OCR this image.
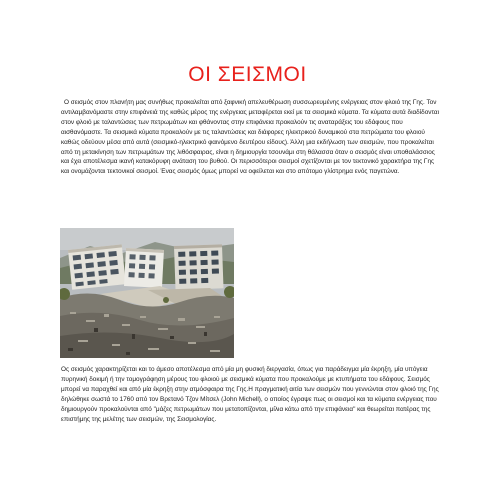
ΟΙ ΣΕΙΣΜΟΙ

Ο σεισμός στον πλανήτη μας συνήθως προκαλείται από ξαφνική απελευθέρωση συσσωρευμένης ενέργειας στον φλοιό της Γης. Τον αντιλαμβανόμαστε στην επιφάνειά της καθώς μέρος της ενέργειας μεταφέρεται εκεί με τα σεισμικά κύματα. Τα κύματα αυτά διαδίδονται στον φλοιό με ταλαντώσεις των πετρωμάτων και φθάνοντας στην επιφάνεια προκαλούν τις αναταράξεις του εδάφους που αισθανόμαστε. Τα σεισμικά κύματα προκαλούν με τις ταλαντώσεις και διάφορες ηλεκτρικού δυναμικού στα πετρώματα του φλοιού καθώς οδεύουν μέσα από αυτά (σεισμικό-ηλεκτρικό φαινόμενο δευτέρου είδους). Άλλη μια εκδήλωση των σεισμών, που προκαλείται από τη μετακίνηση των πετρωμάτων της λιθόσφαιρας, είναι η δημιουργία τσουνάμι στη θάλασσα όταν ο σεισμός είναι υποθαλάσσιος και έχει αποτέλεσμα ικανή κατακόρυφη ανάταση του βυθού. Οι περισσότεροι σεισμοί σχετίζονται με τον τεκτονικό χαρακτήρα της Γης και ονομάζονται τεκτονικοί σεισμοί. Ένας σεισμός όμως μπορεί να οφείλεται και στο απότομο γλίστρημα ενός παγετώνα.

Ος σεισμός χαρακτηρίζεται και το άμεσο αποτέλεσμα από μία μη φυσική διεργασία, όπως για παράδειγμα μία έκρηξη, μία υπόγεια πυρηνική δοκιμή ή την τομογράφηση μέρους του φλοιού με σεισμικά κύματα που προκαλούμε με κτυπήματα του εδάφους. Σεισμός μπορεί να παραχθεί και από μία έκρηξη στην ατμόσφαιρα της Γης.Η πραγματική αιτία των σεισμών που γεννώνται στον φλοιό της Γης δηλώθηκε σωστά το 1760 από τον Βρετανό Τζον Μίτσελ (John Michell), ο οποίος έγραψε πως οι σεισμοί και τα κύματα ενέργειας που δημιουργούν προκαλούνται από "μάζες πετρωμάτων που μετατοπίζονται, μίλια κάτω από την επιφάνεια" και θεωρείται πατέρας της επιστήμης της μελέτης των σεισμών, της Σεισμολογίας.
